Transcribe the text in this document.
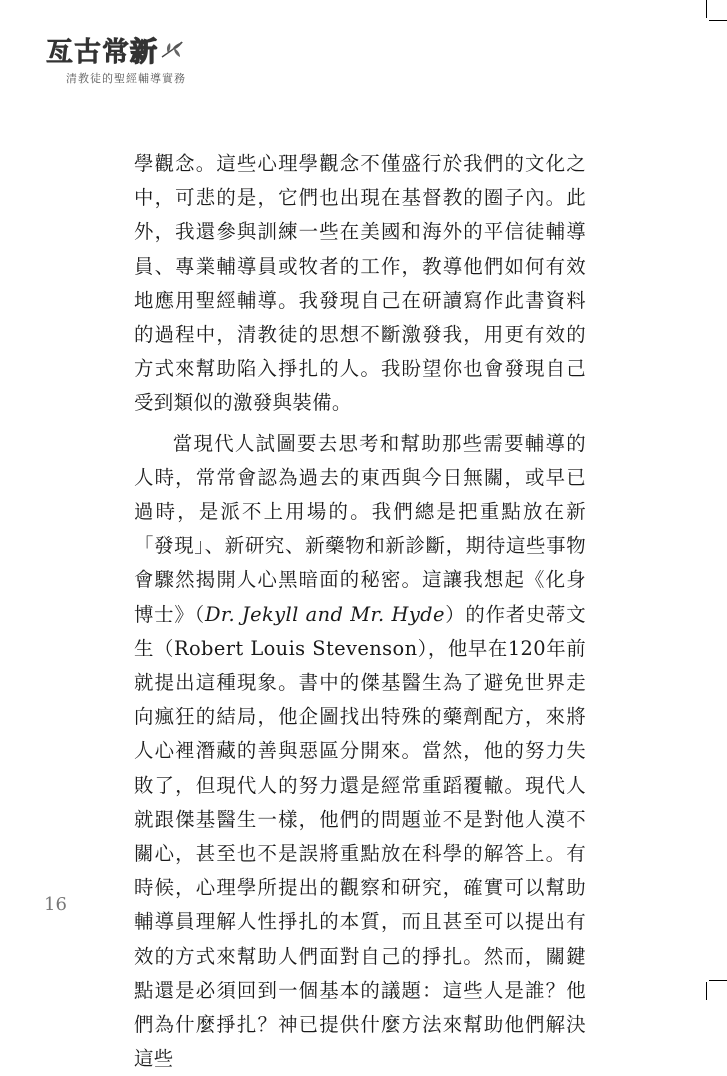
亙古常新
清教徒的聖經輔導實務

學觀念。這些心理學觀念不僅盛行於我們的文化之中，可悲的是，它們也出現在基督教的圈子內。此外，我還參與訓練一些在美國和海外的平信徒輔導員、專業輔導員或牧者的工作，教導他們如何有效地應用聖經輔導。我發現自己在研讀寫作此書資料的過程中，清教徒的思想不斷激發我，用更有效的方式來幫助陷入掙扎的人。我盼望你也會發現自己受到類似的激發與裝備。

當現代人試圖要去思考和幫助那些需要輔導的人時，常常會認為過去的東西與今日無關，或早已過時，是派不上用場的。我們總是把重點放在新「發現」、新研究、新藥物和新診斷，期待這些事物會驟然揭開人心黑暗面的秘密。這讓我想起《化身博士》（Dr. Jekyll and Mr. Hyde）的作者史蒂文生（Robert Louis Stevenson），他早在120年前就提出這種現象。書中的傑基醫生為了避免世界走向瘋狂的結局，他企圖找出特殊的藥劑配方，來將人心裡潛藏的善與惡區分開來。當然，他的努力失敗了，但現代人的努力還是經常重蹈覆轍。現代人就跟傑基醫生一樣，他們的問題並不是對他人漠不關心，甚至也不是誤將重點放在科學的解答上。有時候，心理學所提出的觀察和研究，確實可以幫助輔導員理解人性掙扎的本質，而且甚至可以提出有效的方式來幫助人們面對自己的掙扎。然而，關鍵點還是必須回到一個基本的議題：這些人是誰？他們為什麼掙扎？神已提供什麼方法來幫助他們解決這些

16
